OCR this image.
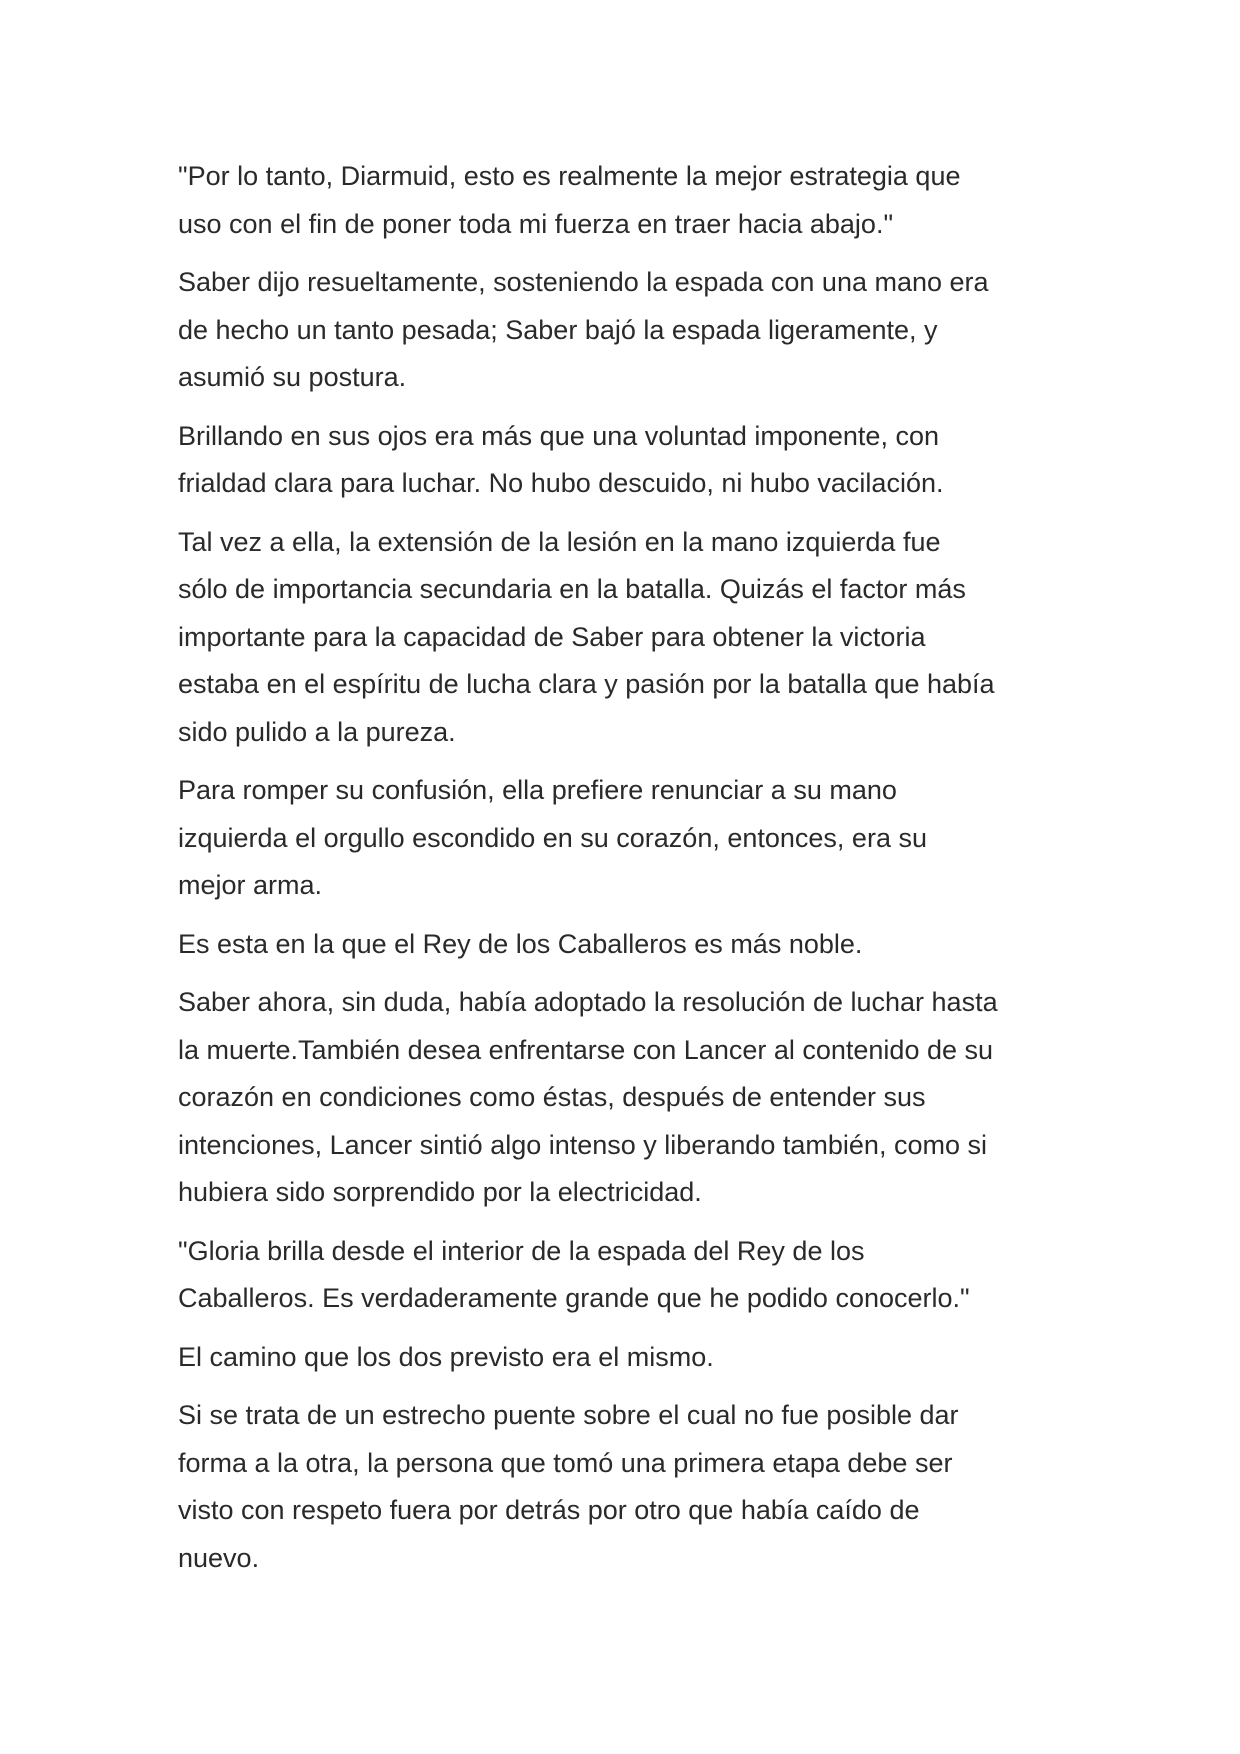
"Por lo tanto, Diarmuid, esto es realmente la mejor estrategia que
uso con el fin de poner toda mi fuerza en traer hacia abajo."

Saber dijo resueltamente, sosteniendo la espada con una mano era
de hecho un tanto pesada; Saber bajó la espada ligeramente, y
asumió su postura.

Brillando en sus ojos era más que una voluntad imponente, con
frialdad clara para luchar. No hubo descuido, ni hubo vacilación.

Tal vez a ella, la extensión de la lesión en la mano izquierda fue
sólo de importancia secundaria en la batalla. Quizás el factor más
importante para la capacidad de Saber para obtener la victoria
estaba en el espíritu de lucha clara y pasión por la batalla que había
sido pulido a la pureza.

Para romper su confusión, ella prefiere renunciar a su mano
izquierda el orgullo escondido en su corazón, entonces, era su
mejor arma.

Es esta en la que el Rey de los Caballeros es más noble.

Saber ahora, sin duda, había adoptado la resolución de luchar hasta
la muerte.También desea enfrentarse con Lancer al contenido de su
corazón en condiciones como éstas, después de entender sus
intenciones, Lancer sintió algo intenso y liberando también, como si
hubiera sido sorprendido por la electricidad.

"Gloria brilla desde el interior de la espada del Rey de los
Caballeros. Es verdaderamente grande que he podido conocerlo."

El camino que los dos previsto era el mismo.

Si se trata de un estrecho puente sobre el cual no fue posible dar
forma a la otra, la persona que tomó una primera etapa debe ser
visto con respeto fuera por detrás por otro que había caído de
nuevo.
